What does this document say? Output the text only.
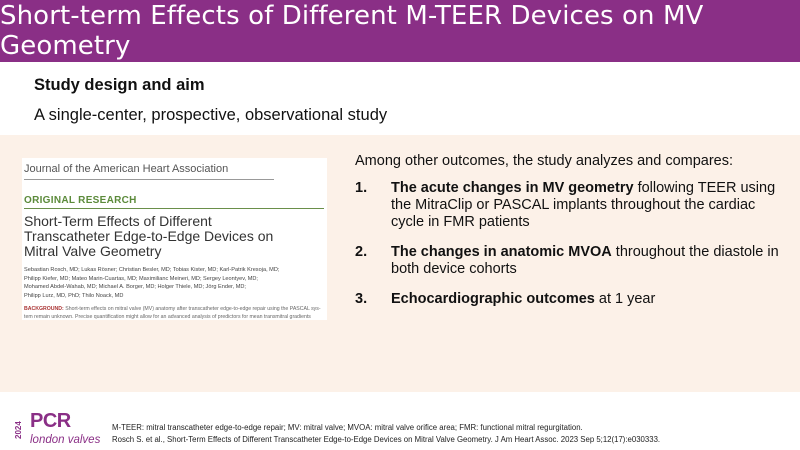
Short-term Effects of Different M-TEER Devices on MV Geometry
Study design and aim
A single-center, prospective, observational study
Journal of the American Heart Association
ORIGINAL RESEARCH
Short-Term Effects of Different
Transcatheter Edge-to-Edge Devices on
Mitral Valve Geometry
Sebastian Rosch, MD; Lukas Rösner; Christian Besler, MD; Tobias Kister, MD; Karl-Patrik Kresoja, MD;
Philipp Kiefer, MD; Mateo Marin-Cuartas, MD; Maximilianc Meineri, MD; Sergey Leontyev, MD;
Mohamed Abdel-Wahab, MD; Michael A. Borger, MD; Holger Thiele, MD; Jörg Ender, MD;
Philipp Lurz, MD, PhD; Thilo Noack, MD
BACKGROUND: Short-term effects on mitral valve (MV) anatomy after transcatheter edge-to-edge repair using the PASCAL sys-
tem remain unknown. Precise quantification might allow for an advanced analysis of predictors for mean transmitral gradients
Among other outcomes, the study analyzes and compares:
1. The acute changes in MV geometry following TEER using the MitraClip or PASCAL implants throughout the cardiac cycle in FMR patients
2. The changes in anatomic MVOA throughout the diastole in both device cohorts
3. Echocardiographic outcomes at 1 year
2024 PCR
london valves
M-TEER: mitral transcatheter edge-to-edge repair; MV: mitral valve; MVOA: mitral valve orifice area; FMR: functional mitral regurgitation.
Rosch S. et al., Short-Term Effects of Different Transcatheter Edge-to-Edge Devices on Mitral Valve Geometry. J Am Heart Assoc. 2023 Sep 5;12(17):e030333.
